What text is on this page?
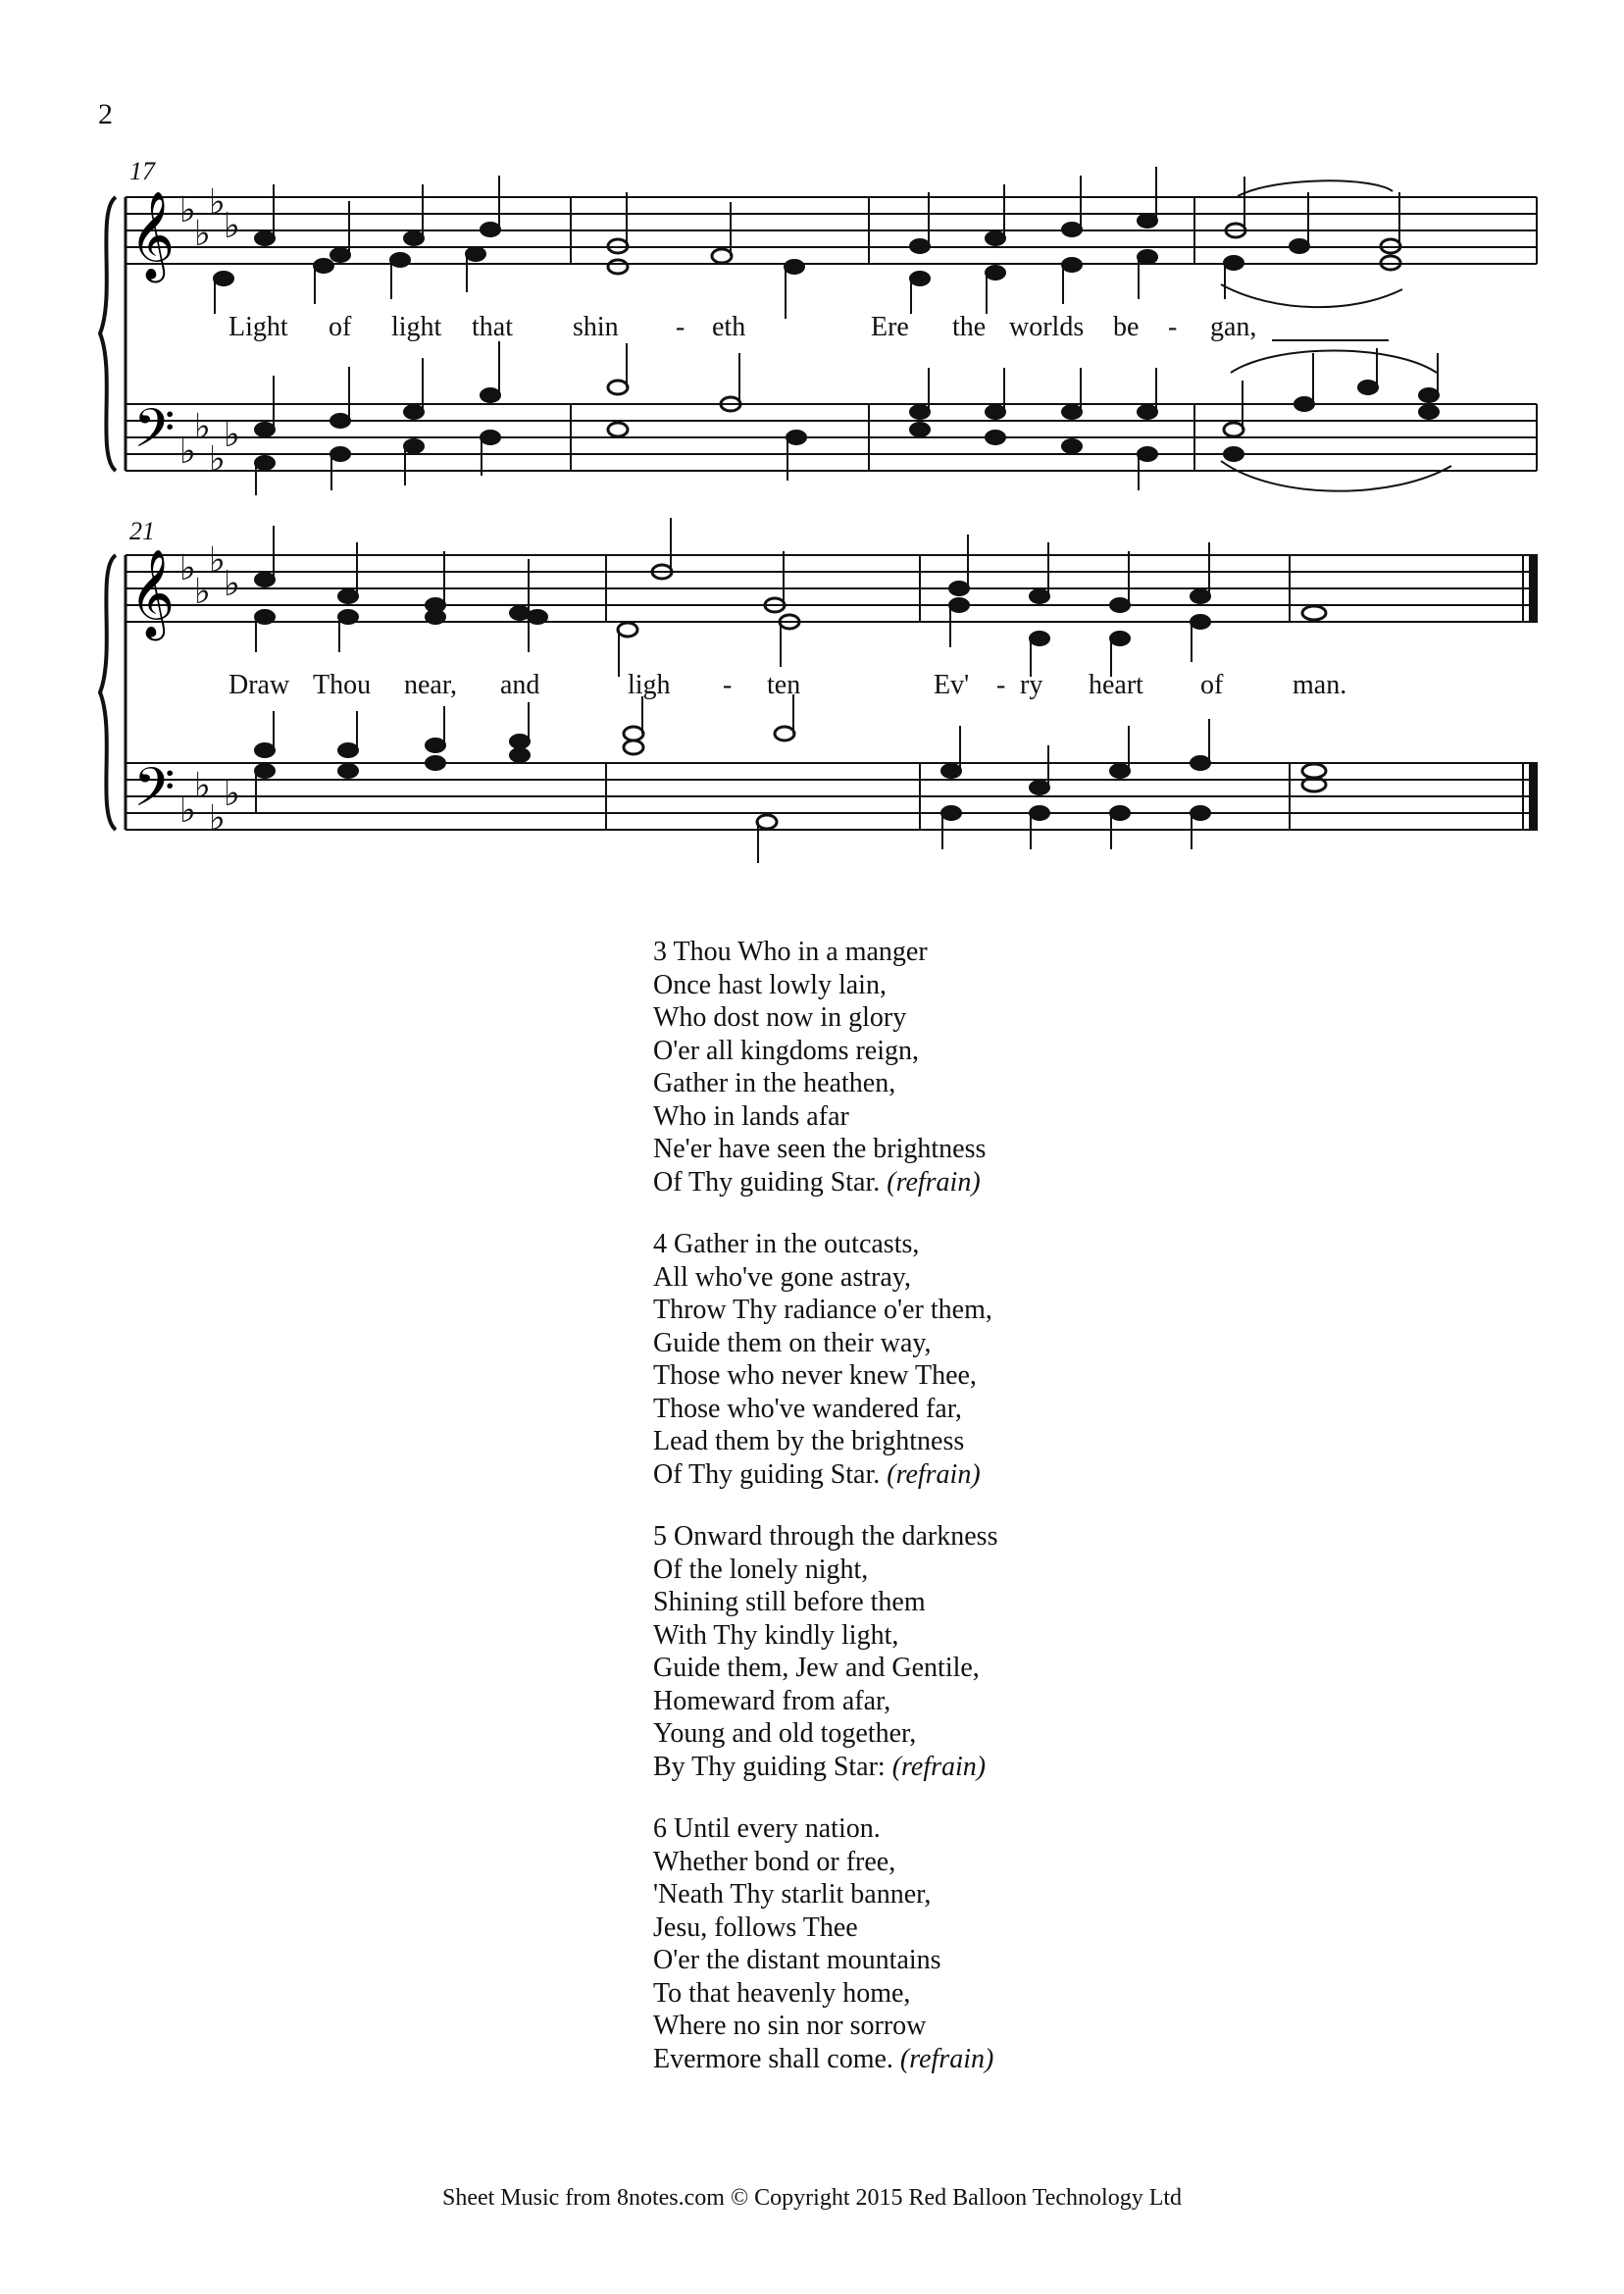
2
17
21
𝄞
𝄢
♭
♭
♭
♭
♭
♭
♭
♭
Light of light that shin - eth	Ere the worlds be - gan,
𝄞
𝄢
♭
♭
♭
♭
♭
♭
♭
♭
Draw Thou near, and	ligh - ten	Ev' - ry heart of	man.
3 Thou Who in a manger
Once hast lowly lain,
Who dost now in glory
O'er all kingdoms reign,
Gather in the heathen,
Who in lands afar
Ne'er have seen the brightness
Of Thy guiding Star. (refrain)
4 Gather in the outcasts,
All who've gone astray,
Throw Thy radiance o'er them,
Guide them on their way,
Those who never knew Thee,
Those who've wandered far,
Lead them by the brightness
Of Thy guiding Star. (refrain)
5 Onward through the darkness
Of the lonely night,
Shining still before them
With Thy kindly light,
Guide them, Jew and Gentile,
Homeward from afar,
Young and old together,
By Thy guiding Star: (refrain)
6 Until every nation.
Whether bond or free,
'Neath Thy starlit banner,
Jesu, follows Thee
O'er the distant mountains
To that heavenly home,
Where no sin nor sorrow
Evermore shall come. (refrain)
Sheet Music from 8notes.com © Copyright 2015 Red Balloon Technology Ltd
